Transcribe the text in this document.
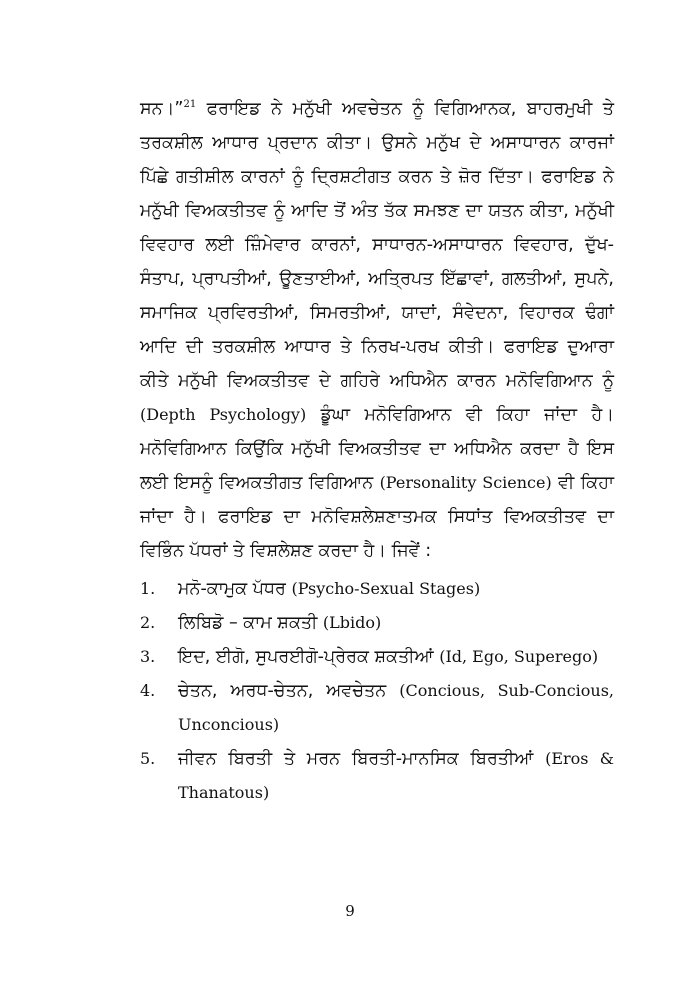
ਸਨ।”$^{21}$ ਫਰਾਇਡ ਨੇ ਮਨੁੱਖੀ ਅਵਚੇਤਨ ਨੂੰ ਵਿਗਿਆਨਕ, ਬਾਹਰਮੁਖੀ ਤੇ ਤਰਕਸ਼ੀਲ ਆਧਾਰ ਪ੍ਰਦਾਨ ਕੀਤਾ। ਉਸਨੇ ਮਨੁੱਖ ਦੇ ਅਸਾਧਾਰਨ ਕਾਰਜਾਂ ਪਿੱਛੇ ਗਤੀਸ਼ੀਲ ਕਾਰਨਾਂ ਨੂੰ ਦ੍ਰਿਸ਼ਟੀਗਤ ਕਰਨ ਤੇ ਜ਼ੋਰ ਦਿੱਤਾ। ਫਰਾਇਡ ਨੇ ਮਨੁੱਖੀ ਵਿਅਕਤੀਤਵ ਨੂੰ ਆਦਿ ਤੋਂ ਅੰਤ ਤੱਕ ਸਮਝਣ ਦਾ ਯਤਨ ਕੀਤਾ, ਮਨੁੱਖੀ ਵਿਵਹਾਰ ਲਈ ਜ਼ਿੰਮੇਵਾਰ ਕਾਰਨਾਂ, ਸਾਧਾਰਨ-ਅਸਾਧਾਰਨ ਵਿਵਹਾਰ, ਦੁੱਖ-ਸੰਤਾਪ, ਪ੍ਰਾਪਤੀਆਂ, ਊਣਤਾਈਆਂ, ਅਤ੍ਰਿਪਤ ਇੱਛਾਵਾਂ, ਗਲਤੀਆਂ, ਸੁਪਨੇ, ਸਮਾਜਿਕ ਪ੍ਰਵਿਰਤੀਆਂ, ਸਿਮਰਤੀਆਂ, ਯਾਦਾਂ, ਸੰਵੇਦਨਾ, ਵਿਹਾਰਕ ਢੰਗਾਂ ਆਦਿ ਦੀ ਤਰਕਸ਼ੀਲ ਆਧਾਰ ਤੇ ਨਿਰਖ-ਪਰਖ ਕੀਤੀ। ਫਰਾਇਡ ਦੁਆਰਾ ਕੀਤੇ ਮਨੁੱਖੀ ਵਿਅਕਤੀਤਵ ਦੇ ਗਹਿਰੇ ਅਧਿਐਨ ਕਾਰਨ ਮਨੋਵਿਗਿਆਨ ਨੂੰ (Depth Psychology) ਡੂੰਘਾ ਮਨੋਵਿਗਿਆਨ ਵੀ ਕਿਹਾ ਜਾਂਦਾ ਹੈ। ਮਨੋਵਿਗਿਆਨ ਕਿਉਂਕਿ ਮਨੁੱਖੀ ਵਿਅਕਤੀਤਵ ਦਾ ਅਧਿਐਨ ਕਰਦਾ ਹੈ ਇਸ ਲਈ ਇਸਨੂੰ ਵਿਅਕਤੀਗਤ ਵਿਗਿਆਨ (Personality Science) ਵੀ ਕਿਹਾ ਜਾਂਦਾ ਹੈ। ਫਰਾਇਡ ਦਾ ਮਨੋਵਿਸ਼ਲੇਸ਼ਣਾਤਮਕ ਸਿਧਾਂਤ ਵਿਅਕਤੀਤਵ ਦਾ ਵਿਭਿੰਨ ਪੱਧਰਾਂ ਤੇ ਵਿਸ਼ਲੇਸ਼ਣ ਕਰਦਾ ਹੈ। ਜਿਵੇਂ :

1. ਮਨੋ-ਕਾਮੁਕ ਪੱਧਰ (Psycho-Sexual Stages)
2. ਲਿਬਿਡੋ – ਕਾਮ ਸ਼ਕਤੀ (Lbido)
3. ਇਦ, ਈਗੋ, ਸੁਪਰਈਗੋ-ਪ੍ਰੇਰਕ ਸ਼ਕਤੀਆਂ (Id, Ego, Superego)
4. ਚੇਤਨ, ਅਰਧ-ਚੇਤਨ, ਅਵਚੇਤਨ (Concious, Sub-Concious, Unconcious)
5. ਜੀਵਨ ਬਿਰਤੀ ਤੇ ਮਰਨ ਬਿਰਤੀ-ਮਾਨਸਿਕ ਬਿਰਤੀਆਂ (Eros & Thanatous)
9
